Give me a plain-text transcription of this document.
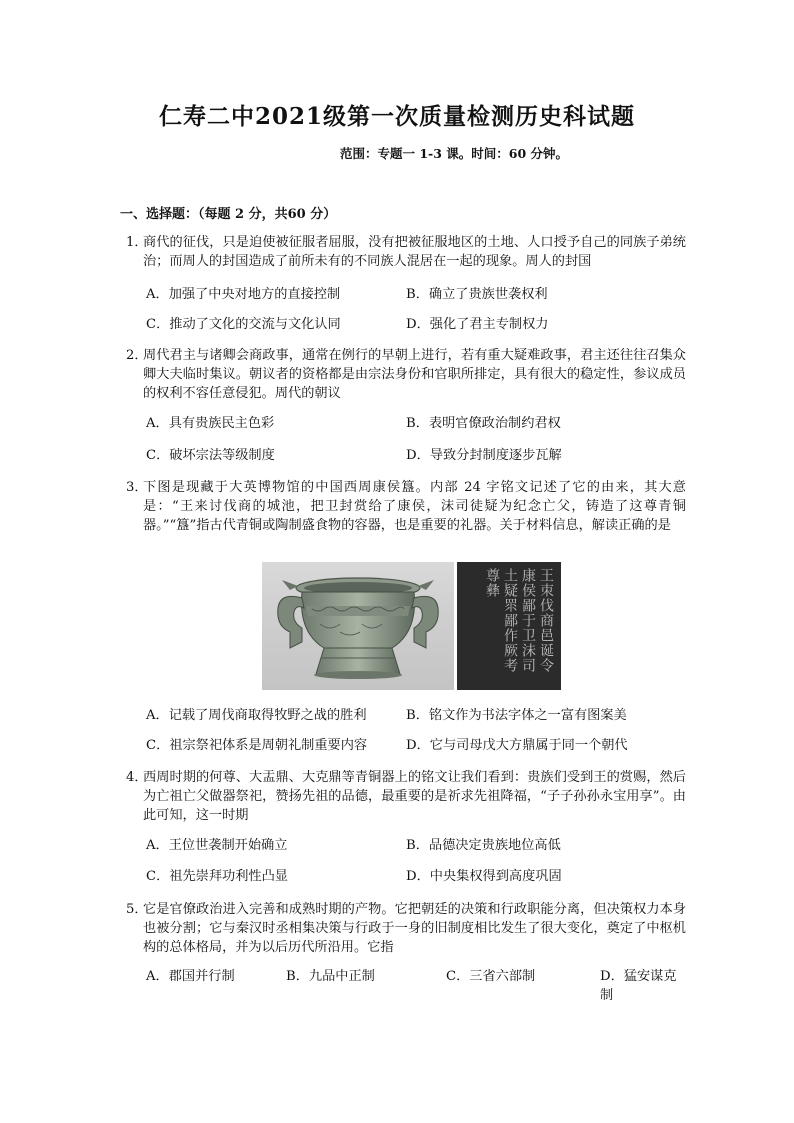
仁寿二中2021级第一次质量检测历史科试题
范围：专题一 1-3 课。时间：60 分钟。
一、选择题：（每题 2 分，共60 分）
1．
商代的征伐，只是迫使被征服者屈服，没有把被征服地区的土地、人口授予自己的同族子弟统治；而周人的封国造成了前所未有的不同族人混居在一起的现象。周人的封国
A．加强了中央对地方的直接控制	B．确立了贵族世袭权利
C．推动了文化的交流与文化认同	D．强化了君主专制权力
2．
周代君主与诸卿会商政事，通常在例行的早朝上进行，若有重大疑难政事，君主还往往召集众卿大夫临时集议。朝议者的资格都是由宗法身份和官职所排定，具有很大的稳定性，参议成员的权利不容任意侵犯。周代的朝议
A．具有贵族民主色彩	B．表明官僚政治制约君权
C．破坏宗法等级制度	D．导致分封制度逐步瓦解
3．
下图是现藏于大英博物馆的中国西周康侯簋。内部 24 字铭文记述了它的由来，其大意是：“王来讨伐商的城池，把卫封赏给了康侯，沫司徒疑为纪念亡父，铸造了这尊青铜器。”“簋”指古代青铜或陶制盛食物的容器，也是重要的礼器。关于材料信息，解读正确的是
王朿伐商邑诞令康侯鄙于卫沬司土疑眔鄙作厥考尊彝
A．记载了周伐商取得牧野之战的胜利	B．铭文作为书法字体之一富有图案美
C．祖宗祭祀体系是周朝礼制重要内容	D．它与司母戊大方鼎属于同一个朝代
4．
西周时期的何尊、大盂鼎、大克鼎等青铜器上的铭文让我们看到：贵族们受到王的赏赐，然后为亡祖亡父做器祭祀，赞扬先祖的品德，最重要的是祈求先祖降福，“子子孙孙永宝用享”。由此可知，这一时期
A．王位世袭制开始确立	B．品德决定贵族地位高低
C．祖先崇拜功利性凸显	D．中央集权得到高度巩固
5．
它是官僚政治进入完善和成熟时期的产物。它把朝廷的决策和行政职能分离，但决策权力本身也被分割；它与秦汉时丞相集决策与行政于一身的旧制度相比发生了很大变化，奠定了中枢机构的总体格局，并为以后历代所沿用。它指
A．郡国并行制	B．九品中正制	C．三省六部制	D．猛安谋克制
